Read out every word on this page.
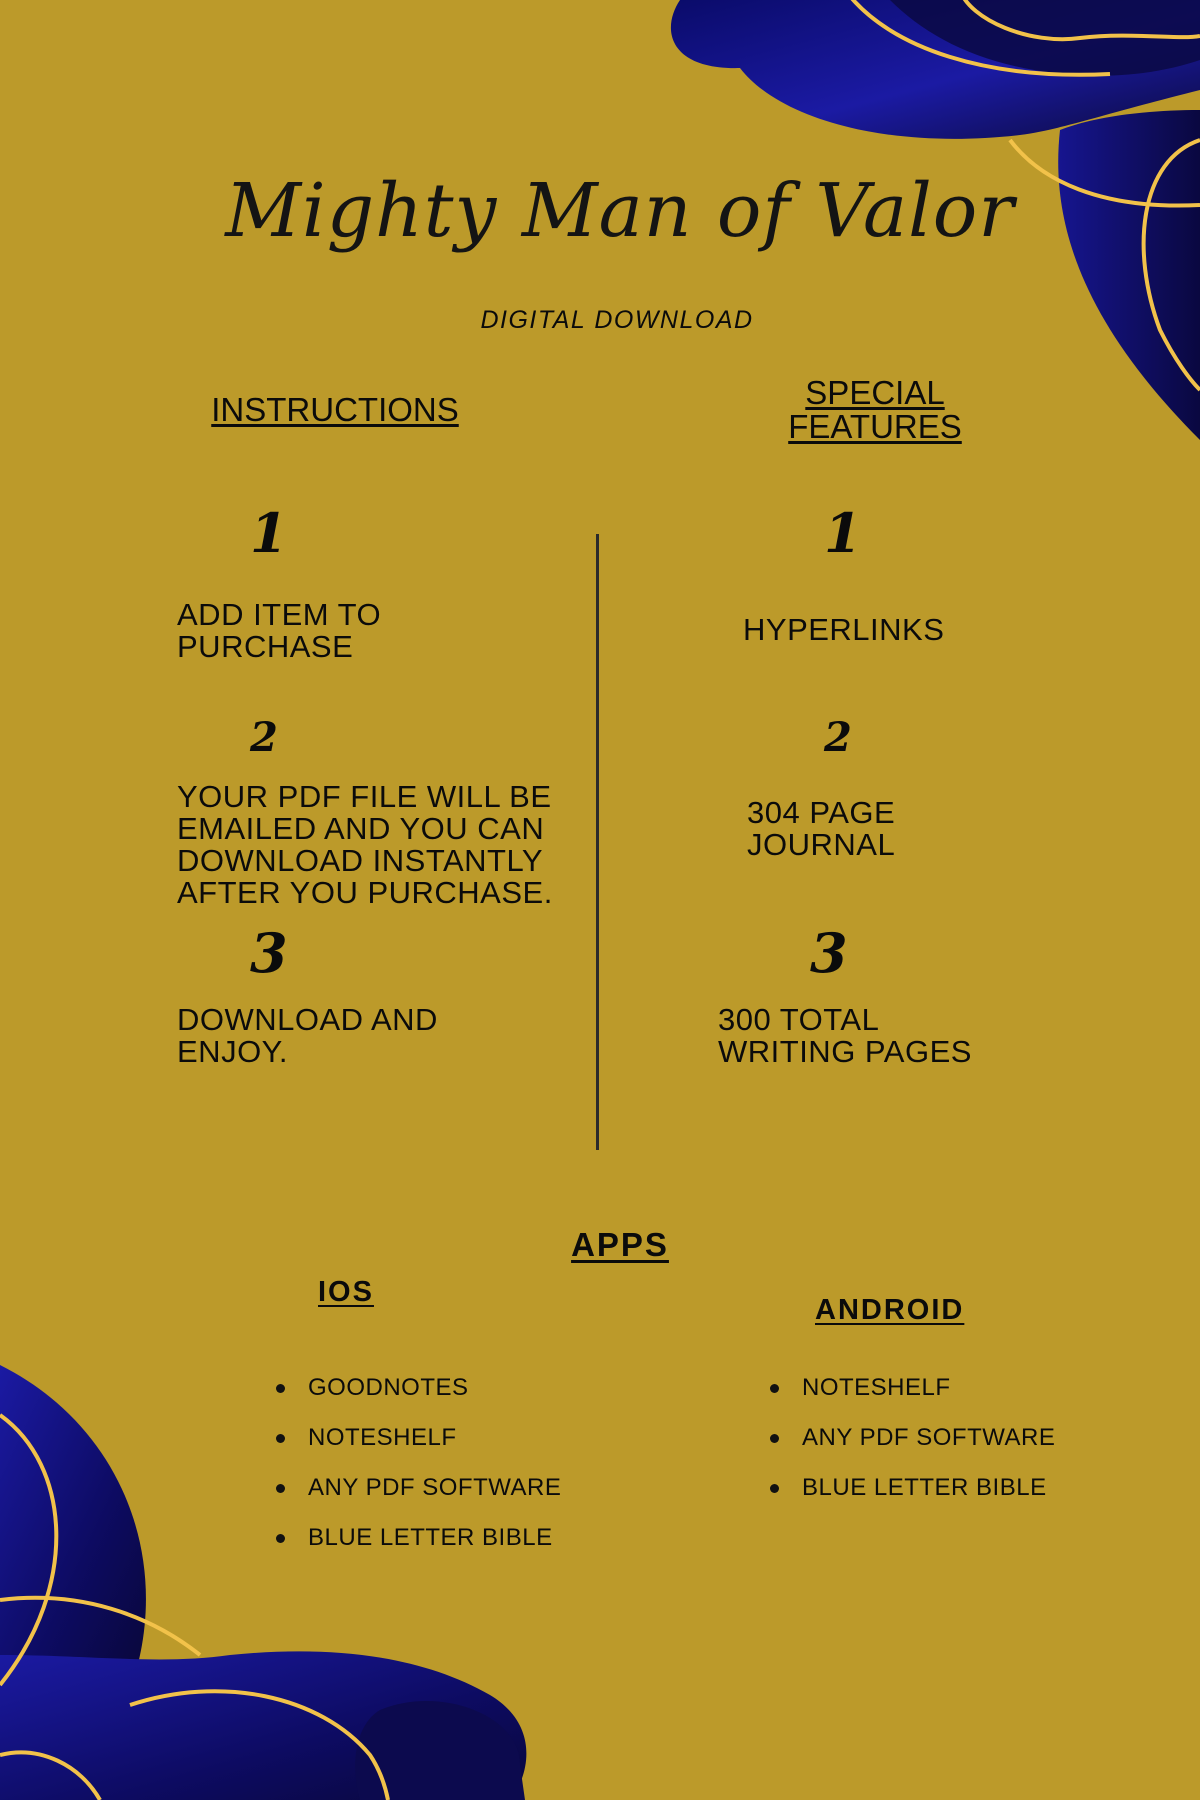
Mighty Man of Valor
DIGITAL DOWNLOAD
INSTRUCTIONS
1
ADD ITEM TO
PURCHASE
2
YOUR PDF FILE WILL BE
EMAILED AND YOU CAN
DOWNLOAD INSTANTLY
AFTER YOU PURCHASE.
3
DOWNLOAD AND
ENJOY.
SPECIAL
FEATURES
1
HYPERLINKS
2
304 PAGE
JOURNAL
3
300 TOTAL
WRITING PAGES
APPS
IOS
GOODNOTES
NOTESHELF
ANY PDF SOFTWARE
BLUE LETTER BIBLE
ANDROID
NOTESHELF
ANY PDF SOFTWARE
BLUE LETTER BIBLE
